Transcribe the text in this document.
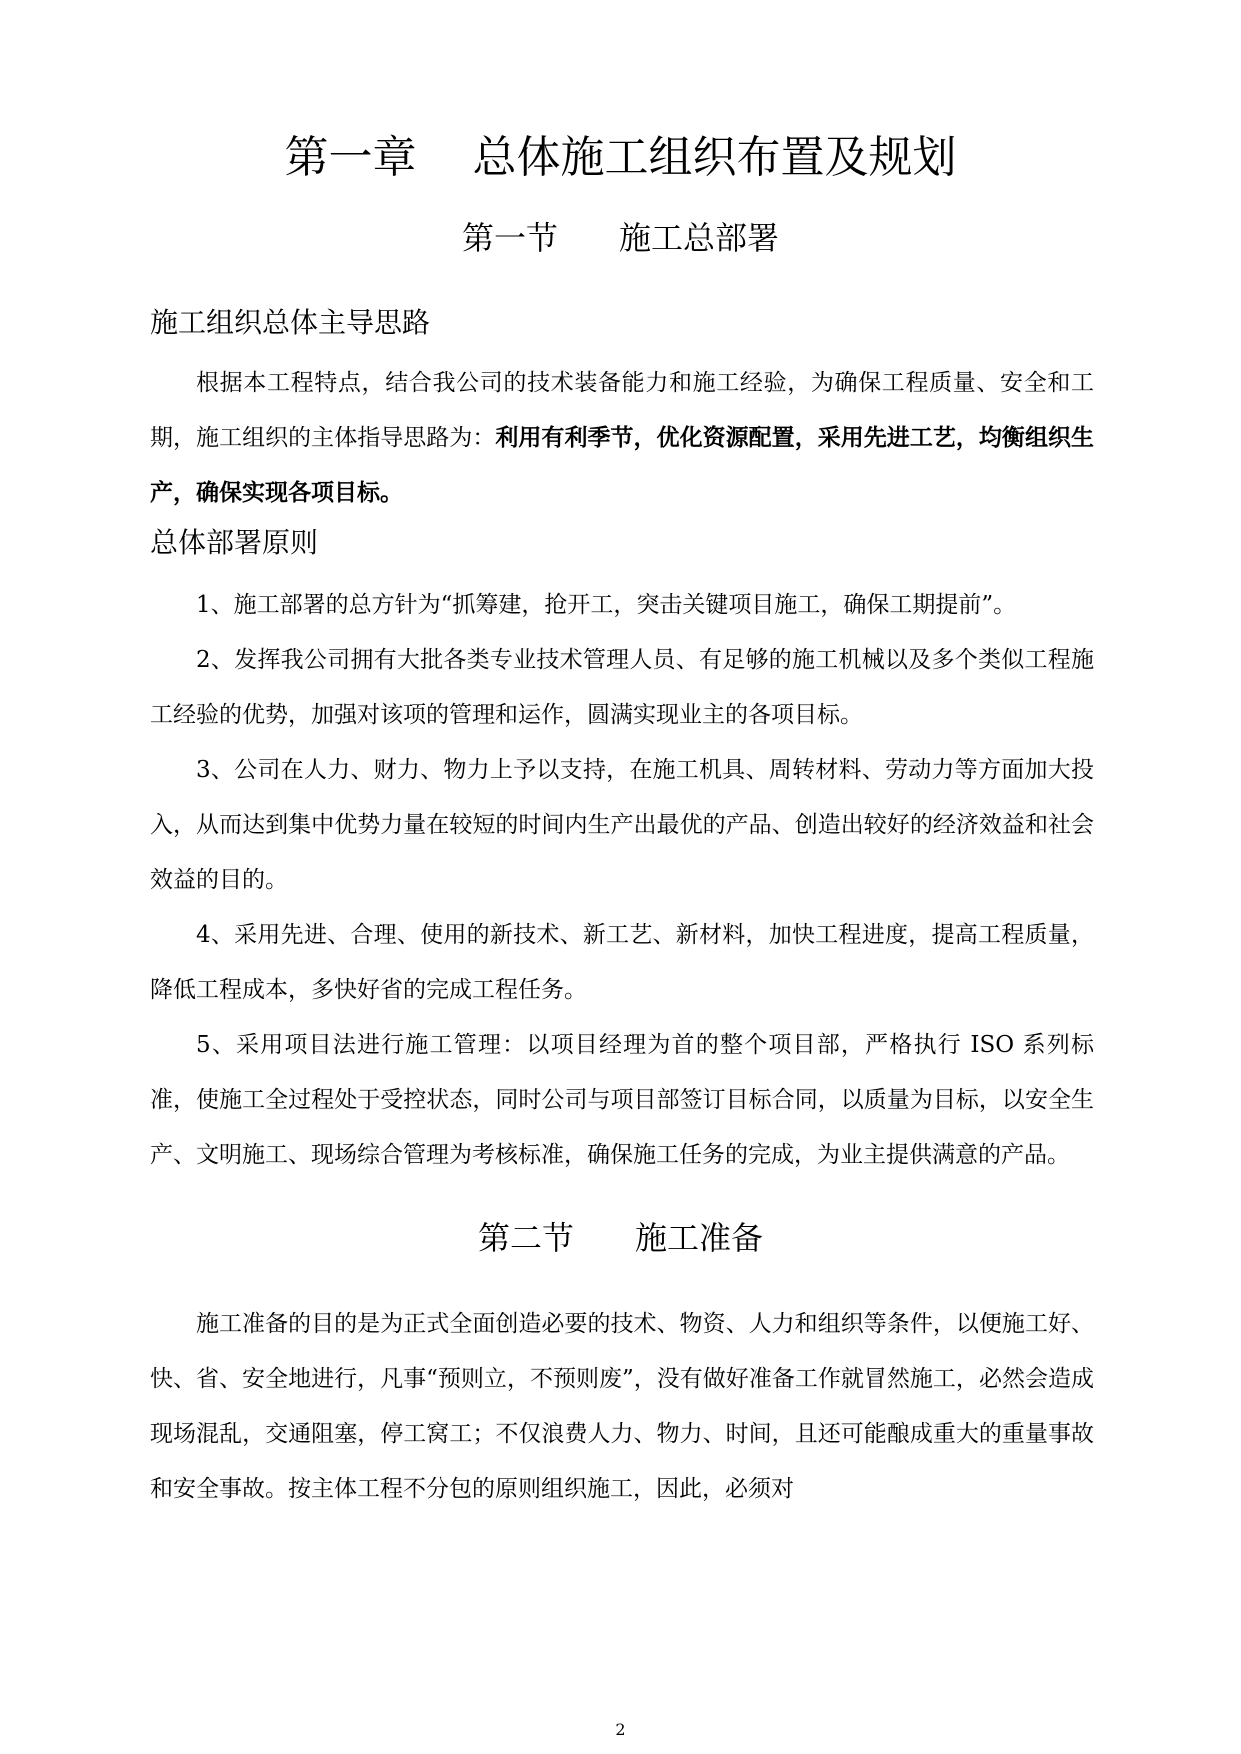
第一章    总体施工组织布置及规划
第一节      施工总部署
施工组织总体主导思路

根据本工程特点，结合我公司的技术装备能力和施工经验，为确保工程质量、安全和工期，施工组织的主体指导思路为：利用有利季节，优化资源配置，采用先进工艺，均衡组织生产，确保实现各项目标。

总体部署原则

1、施工部署的总方针为“抓筹建，抢开工，突击关键项目施工，确保工期提前”。

2、发挥我公司拥有大批各类专业技术管理人员、有足够的施工机械以及多个类似工程施工经验的优势，加强对该项的管理和运作，圆满实现业主的各项目标。

3、公司在人力、财力、物力上予以支持，在施工机具、周转材料、劳动力等方面加大投入，从而达到集中优势力量在较短的时间内生产出最优的产品、创造出较好的经济效益和社会效益的目的。

4、采用先进、合理、使用的新技术、新工艺、新材料，加快工程进度，提高工程质量，降低工程成本，多快好省的完成工程任务。

5、采用项目法进行施工管理：以项目经理为首的整个项目部，严格执行 ISO 系列标准，使施工全过程处于受控状态，同时公司与项目部签订目标合同，以质量为目标，以安全生产、文明施工、现场综合管理为考核标准，确保施工任务的完成，为业主提供满意的产品。

第二节      施工准备

施工准备的目的是为正式全面创造必要的技术、物资、人力和组织等条件，以便施工好、快、省、安全地进行，凡事“预则立，不预则废”，没有做好准备工作就冒然施工，必然会造成现场混乱，交通阻塞，停工窝工；不仅浪费人力、物力、时间，且还可能酿成重大的重量事故和安全事故。按主体工程不分包的原则组织施工，因此，必须对

2
